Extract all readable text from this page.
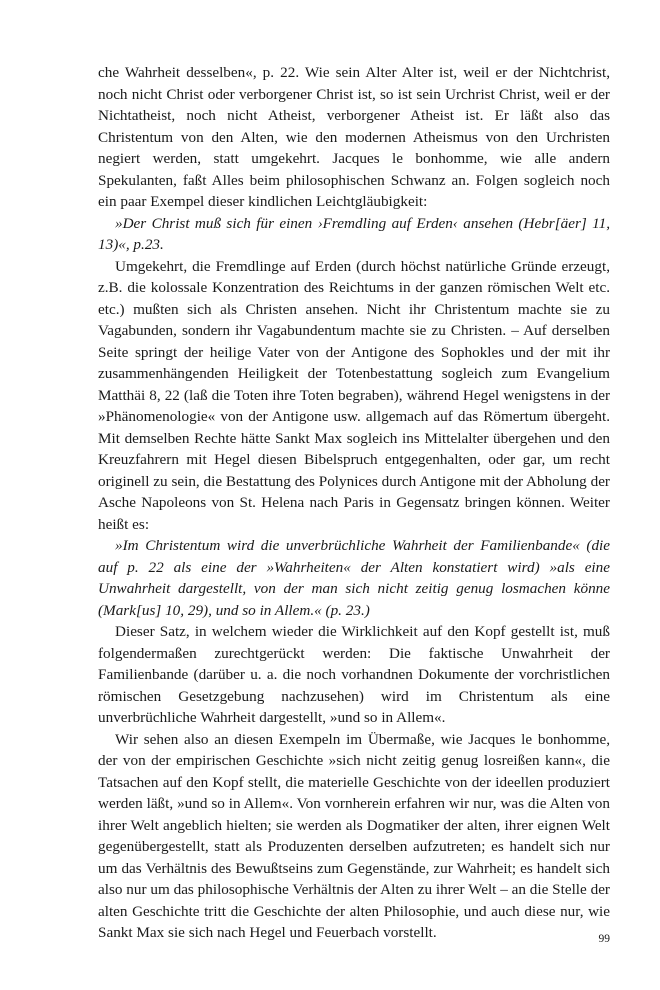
che Wahrheit desselben«, p. 22. Wie sein Alter Alter ist, weil er der Nichtchrist, noch nicht Christ oder verborgener Christ ist, so ist sein Urchrist Christ, weil er der Nichtatheist, noch nicht Atheist, verborgener Atheist ist. Er läßt also das Christentum von den Alten, wie den modernen Atheismus von den Urchristen negiert werden, statt umgekehrt. Jacques le bonhomme, wie alle andern Spekulanten, faßt Alles beim philosophischen Schwanz an. Folgen sogleich noch ein paar Exempel dieser kindlichen Leichtgläubigkeit:

»Der Christ muß sich für einen ›Fremdling auf Erden‹ ansehen (Hebr[äer] 11, 13)«, p.23.

Umgekehrt, die Fremdlinge auf Erden (durch höchst natürliche Gründe erzeugt, z.B. die kolossale Konzentration des Reichtums in der ganzen römischen Welt etc. etc.) mußten sich als Christen ansehen. Nicht ihr Christentum machte sie zu Vagabunden, sondern ihr Vagabundentum machte sie zu Christen. – Auf derselben Seite springt der heilige Vater von der Antigone des Sophokles und der mit ihr zusammenhängenden Heiligkeit der Totenbestattung sogleich zum Evangelium Matthäi 8, 22 (laß die Toten ihre Toten begraben), während Hegel wenigstens in der »Phänomenologie« von der Antigone usw. allgemach auf das Römertum übergeht. Mit demselben Rechte hätte Sankt Max sogleich ins Mittelalter übergehen und den Kreuzfahrern mit Hegel diesen Bibelspruch entgegenhalten, oder gar, um recht originell zu sein, die Bestattung des Polynices durch Antigone mit der Abholung der Asche Napoleons von St. Helena nach Paris in Gegensatz bringen können. Weiter heißt es:

»Im Christentum wird die unverbrüchliche Wahrheit der Familienbande« (die auf p. 22 als eine der »Wahrheiten« der Alten konstatiert wird) »als eine Unwahrheit dargestellt, von der man sich nicht zeitig genug losmachen könne (Mark[us] 10, 29), und so in Allem.« (p. 23.)

Dieser Satz, in welchem wieder die Wirklichkeit auf den Kopf gestellt ist, muß folgendermaßen zurechtgerückt werden: Die faktische Unwahrheit der Familienbande (darüber u. a. die noch vorhandnen Dokumente der vorchristlichen römischen Gesetzgebung nachzusehen) wird im Christentum als eine unverbrüchliche Wahrheit dargestellt, »und so in Allem«.

Wir sehen also an diesen Exempeln im Übermaße, wie Jacques le bonhomme, der von der empirischen Geschichte »sich nicht zeitig genug losreißen kann«, die Tatsachen auf den Kopf stellt, die materielle Geschichte von der ideellen produziert werden läßt, »und so in Allem«. Von vornherein erfahren wir nur, was die Alten von ihrer Welt angeblich hielten; sie werden als Dogmatiker der alten, ihrer eignen Welt gegenübergestellt, statt als Produzenten derselben aufzutreten; es handelt sich nur um das Verhältnis des Bewußtseins zum Gegenstände, zur Wahrheit; es handelt sich also nur um das philosophische Verhältnis der Alten zu ihrer Welt – an die Stelle der alten Geschichte tritt die Geschichte der alten Philosophie, und auch diese nur, wie Sankt Max sie sich nach Hegel und Feuerbach vorstellt.	99
